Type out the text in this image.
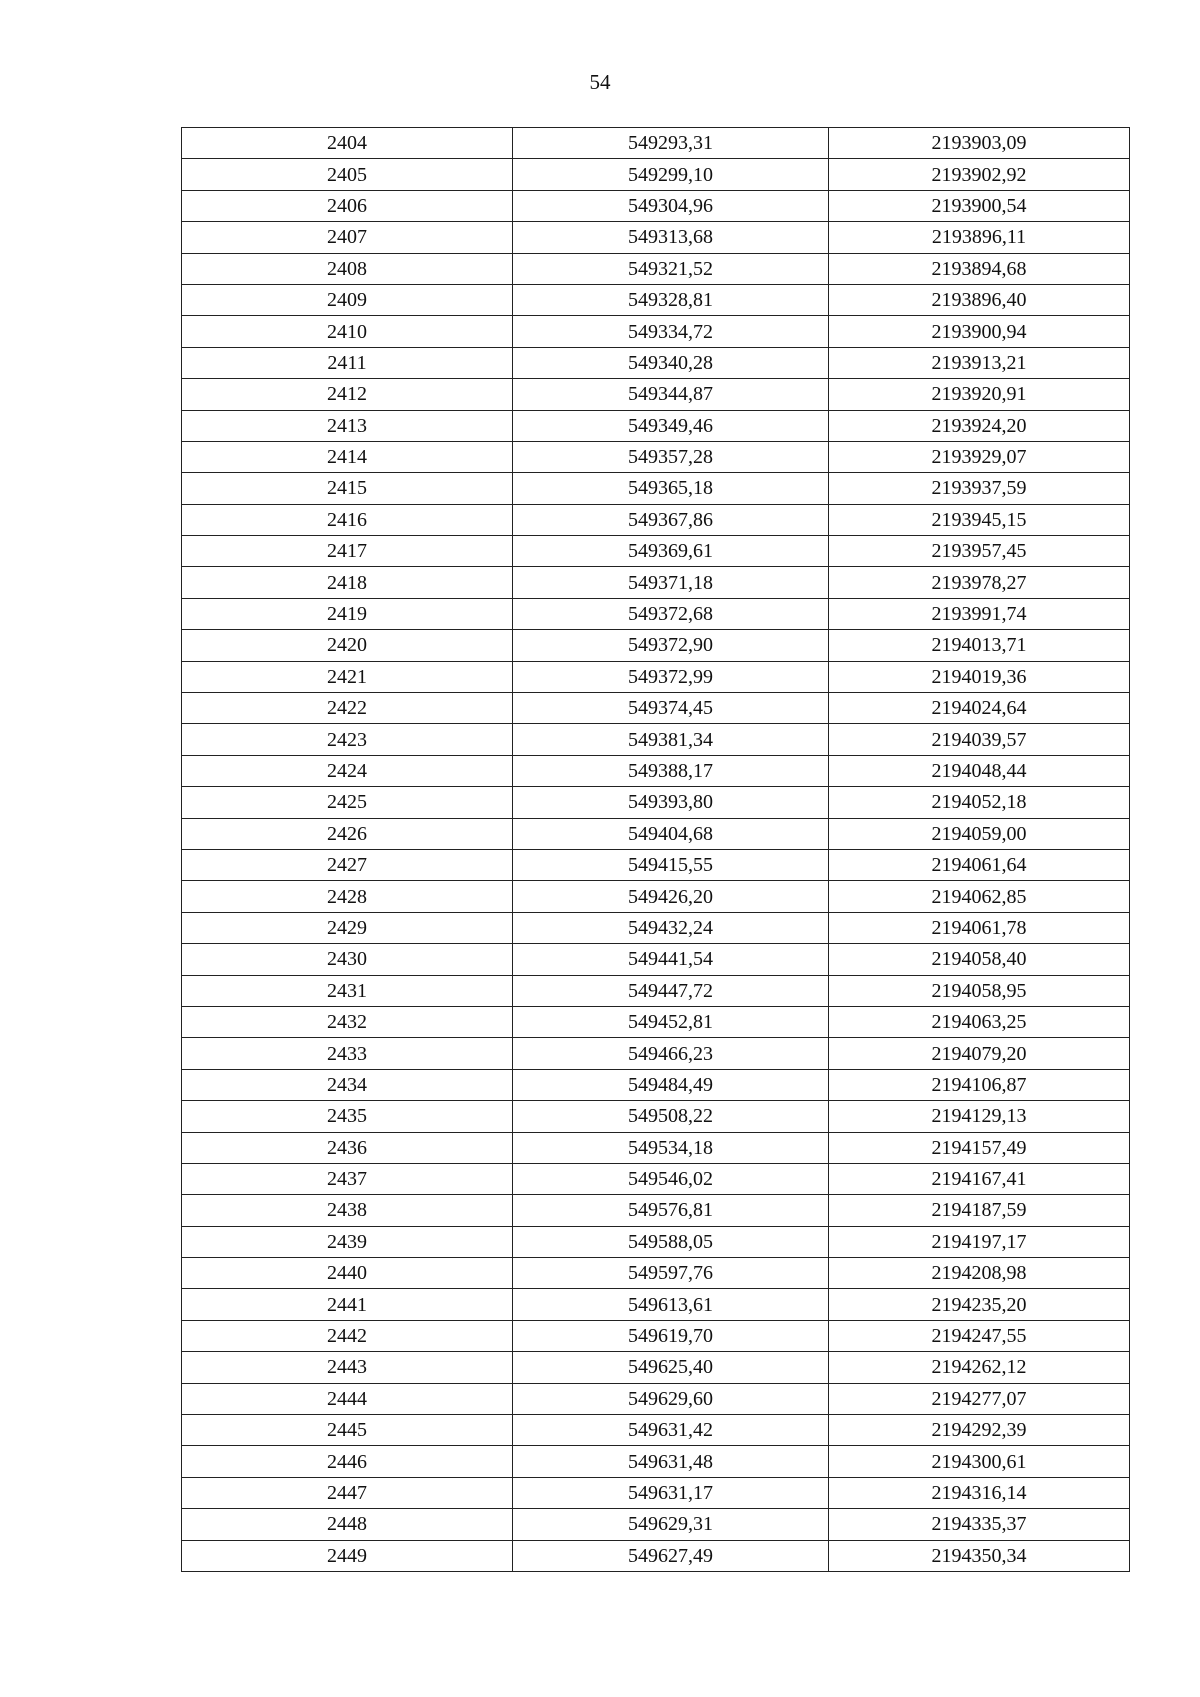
54
2404	549293,31	2193903,09
2405	549299,10	2193902,92
2406	549304,96	2193900,54
2407	549313,68	2193896,11
2408	549321,52	2193894,68
2409	549328,81	2193896,40
2410	549334,72	2193900,94
2411	549340,28	2193913,21
2412	549344,87	2193920,91
2413	549349,46	2193924,20
2414	549357,28	2193929,07
2415	549365,18	2193937,59
2416	549367,86	2193945,15
2417	549369,61	2193957,45
2418	549371,18	2193978,27
2419	549372,68	2193991,74
2420	549372,90	2194013,71
2421	549372,99	2194019,36
2422	549374,45	2194024,64
2423	549381,34	2194039,57
2424	549388,17	2194048,44
2425	549393,80	2194052,18
2426	549404,68	2194059,00
2427	549415,55	2194061,64
2428	549426,20	2194062,85
2429	549432,24	2194061,78
2430	549441,54	2194058,40
2431	549447,72	2194058,95
2432	549452,81	2194063,25
2433	549466,23	2194079,20
2434	549484,49	2194106,87
2435	549508,22	2194129,13
2436	549534,18	2194157,49
2437	549546,02	2194167,41
2438	549576,81	2194187,59
2439	549588,05	2194197,17
2440	549597,76	2194208,98
2441	549613,61	2194235,20
2442	549619,70	2194247,55
2443	549625,40	2194262,12
2444	549629,60	2194277,07
2445	549631,42	2194292,39
2446	549631,48	2194300,61
2447	549631,17	2194316,14
2448	549629,31	2194335,37
2449	549627,49	2194350,34
